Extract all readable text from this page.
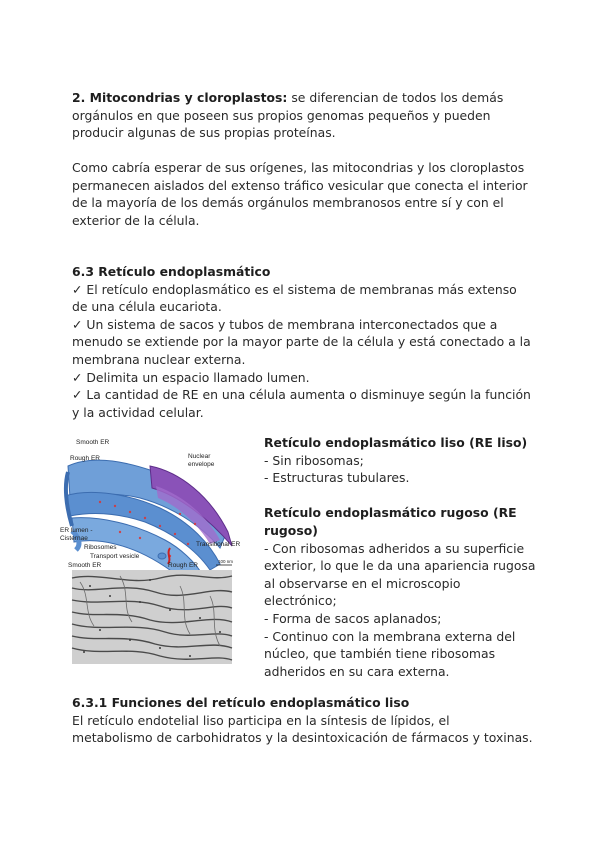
2. Mitocondrias y cloroplastos: se diferencian de todos los demás orgánulos en que poseen sus propios genomas pequeños y pueden producir algunas de sus propias proteínas.

Como cabría esperar de sus orígenes, las mitocondrias y los cloroplastos permanecen aislados del extenso tráfico vesicular que conecta el interior de la mayoría de los demás orgánulos membranosos entre sí y con el exterior de la célula.

6.3 Retículo endoplasmático

✓ El retículo endoplasmático es el sistema de membranas más extenso de una célula eucariota.

✓ Un sistema de sacos y tubos de membrana interconectados que a menudo se extiende por la mayor parte de la célula y está conectado a la membrana nuclear externa.

✓ Delimita un espacio llamado lumen.

✓ La cantidad de RE en una célula aumenta o disminuye según la función y la actividad celular.

Smooth ER
Rough ER	Nuclear
envelope
ER lumen -
Cisternae
Ribosomes
Transport vesicle
Transitional ER
Smooth ER	Rough ER
100 nm

Retículo endoplasmático liso (RE liso)

- Sin ribosomas;

- Estructuras tubulares.

Retículo endoplasmático rugoso (RE rugoso)

- Con ribosomas adheridos a su superficie exterior, lo que le da una apariencia rugosa al observarse en el microscopio electrónico;

- Forma de sacos aplanados;

- Continuo con la membrana externa del núcleo, que también tiene ribosomas adheridos en su cara externa.

6.3.1 Funciones del retículo endoplasmático liso

El retículo endotelial liso participa en la síntesis de lípidos, el metabolismo de carbohidratos y la desintoxicación de fármacos y toxinas.
